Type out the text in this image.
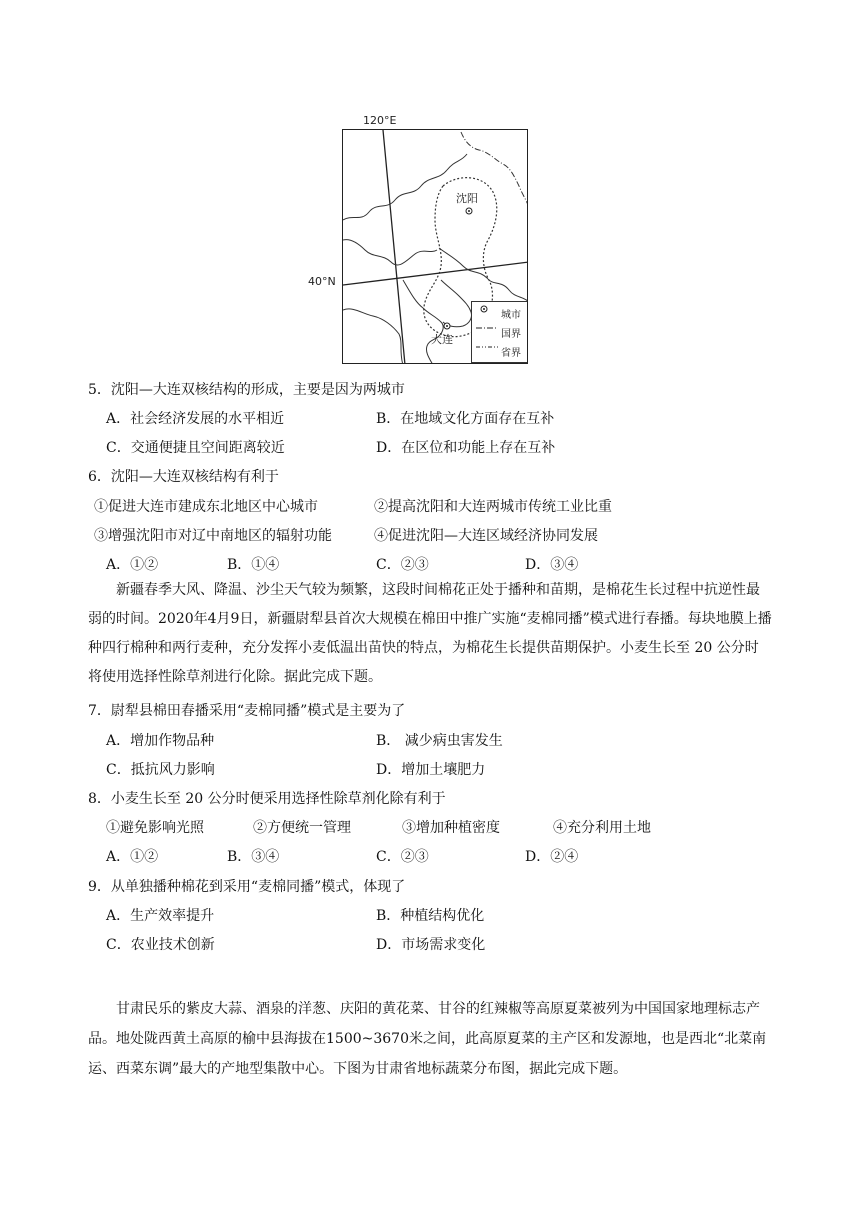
120°E
40°N
沈阳
大连
城市
国界
省界
5．沈阳—大连双核结构的形成，主要是因为两城市
A．社会经济发展的水平相近	B．在地域文化方面存在互补
C．交通便捷且空间距离较近	D．在区位和功能上存在互补
6．沈阳—大连双核结构有利于
①促进大连市建成东北地区中心城市	②提高沈阳和大连两城市传统工业比重
③增强沈阳市对辽中南地区的辐射功能	④促进沈阳—大连区域经济协同发展
A．①②	B．①④	C．②③	D．③④
新疆春季大风、降温、沙尘天气较为频繁，这段时间棉花正处于播种和苗期，是棉花生长过程中抗逆性最弱的时间。2020年4月9日，新疆尉犁县首次大规模在棉田中推广实施“麦棉同播”模式进行春播。每块地膜上播种四行棉种和两行麦种，充分发挥小麦低温出苗快的特点，为棉花生长提供苗期保护。小麦生长至 20 公分时将使用选择性除草剂进行化除。据此完成下题。
7．尉犁县棉田春播采用“麦棉同播”模式是主要为了
A．增加作物品种	B． 减少病虫害发生
C．抵抗风力影响	D．增加土壤肥力
8．小麦生长至 20 公分时便采用选择性除草剂化除有利于
①避免影响光照	②方便统一管理	③增加种植密度	④充分利用土地
A．①②	B．③④	C．②③	D．②④
9．从单独播种棉花到采用“麦棉同播”模式，体现了
A．生产效率提升	B．种植结构优化
C．农业技术创新	D．市场需求变化
甘肃民乐的紫皮大蒜、酒泉的洋葱、庆阳的黄花菜、甘谷的红辣椒等高原夏菜被列为中国国家地理标志产品。地处陇西黄土高原的榆中县海拔在1500~3670米之间，此高原夏菜的主产区和发源地，也是西北“北菜南运、西菜东调”最大的产地型集散中心。下图为甘肃省地标蔬菜分布图，据此完成下题。
